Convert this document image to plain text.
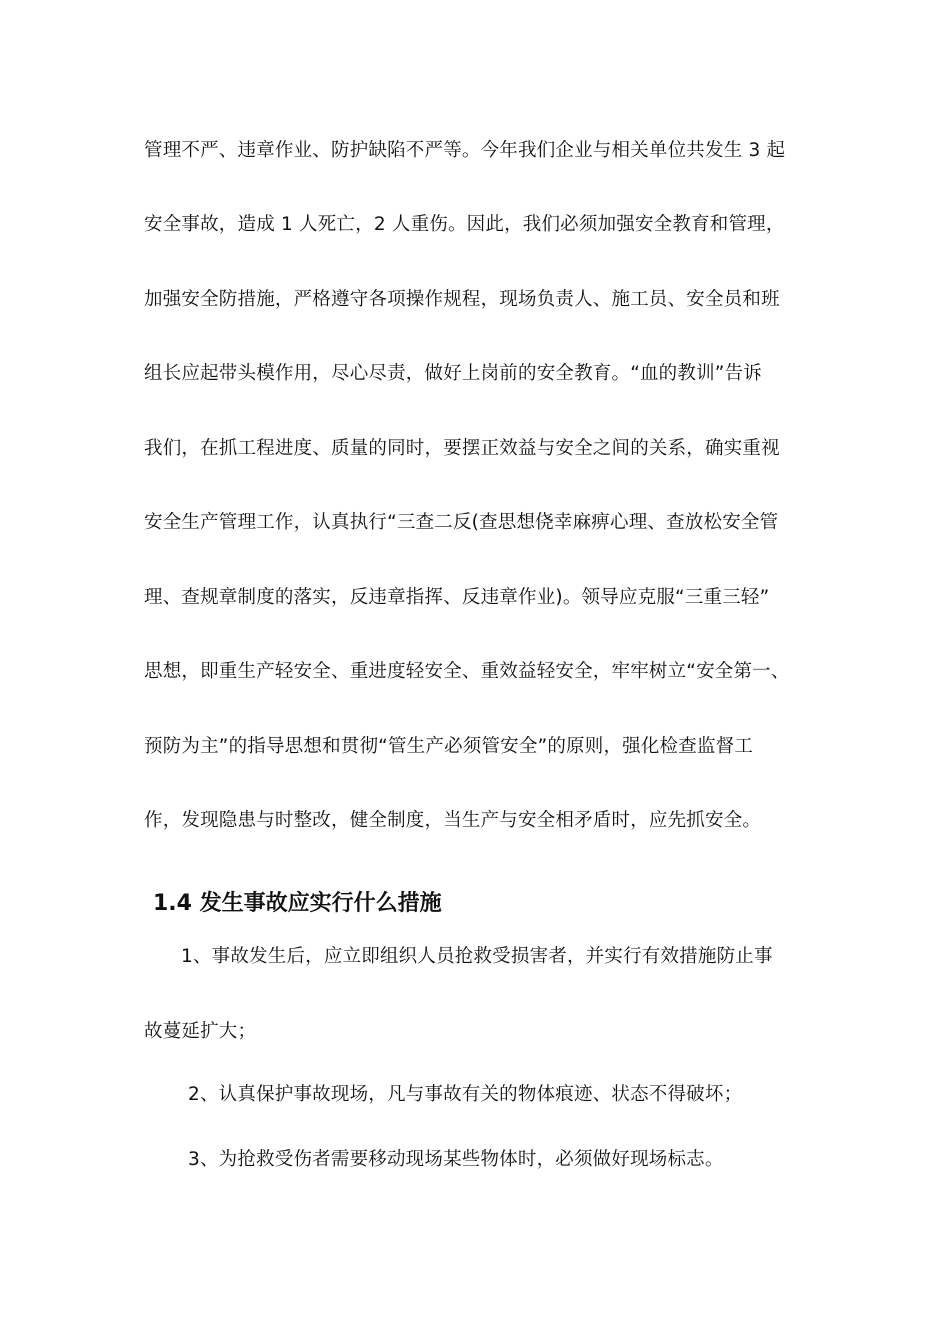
管理不严、违章作业、防护缺陷不严等。今年我们企业与相关单位共发生 3 起
安全事故，造成 1 人死亡，2 人重伤。因此，我们必须加强安全教育和管理，
加强安全防措施，严格遵守各项操作规程，现场负责人、施工员、安全员和班
组长应起带头模作用，尽心尽责，做好上岗前的安全教育。“血的教训”告诉
我们，在抓工程进度、质量的同时，要摆正效益与安全之间的关系，确实重视
安全生产管理工作，认真执行“三查二反(查思想侥幸麻痹心理、查放松安全管
理、查规章制度的落实，反违章指挥、反违章作业)。领导应克服“三重三轻”
思想，即重生产轻安全、重进度轻安全、重效益轻安全，牢牢树立“安全第一、
预防为主”的指导思想和贯彻“管生产必须管安全”的原则，强化检查监督工
作，发现隐患与时整改，健全制度，当生产与安全相矛盾时，应先抓安全。
1.4 发生事故应实行什么措施
1、事故发生后，应立即组织人员抢救受损害者，并实行有效措施防止事
故蔓延扩大；
2、认真保护事故现场，凡与事故有关的物体痕迹、状态不得破坏；
3、为抢救受伤者需要移动现场某些物体时，必须做好现场标志。
